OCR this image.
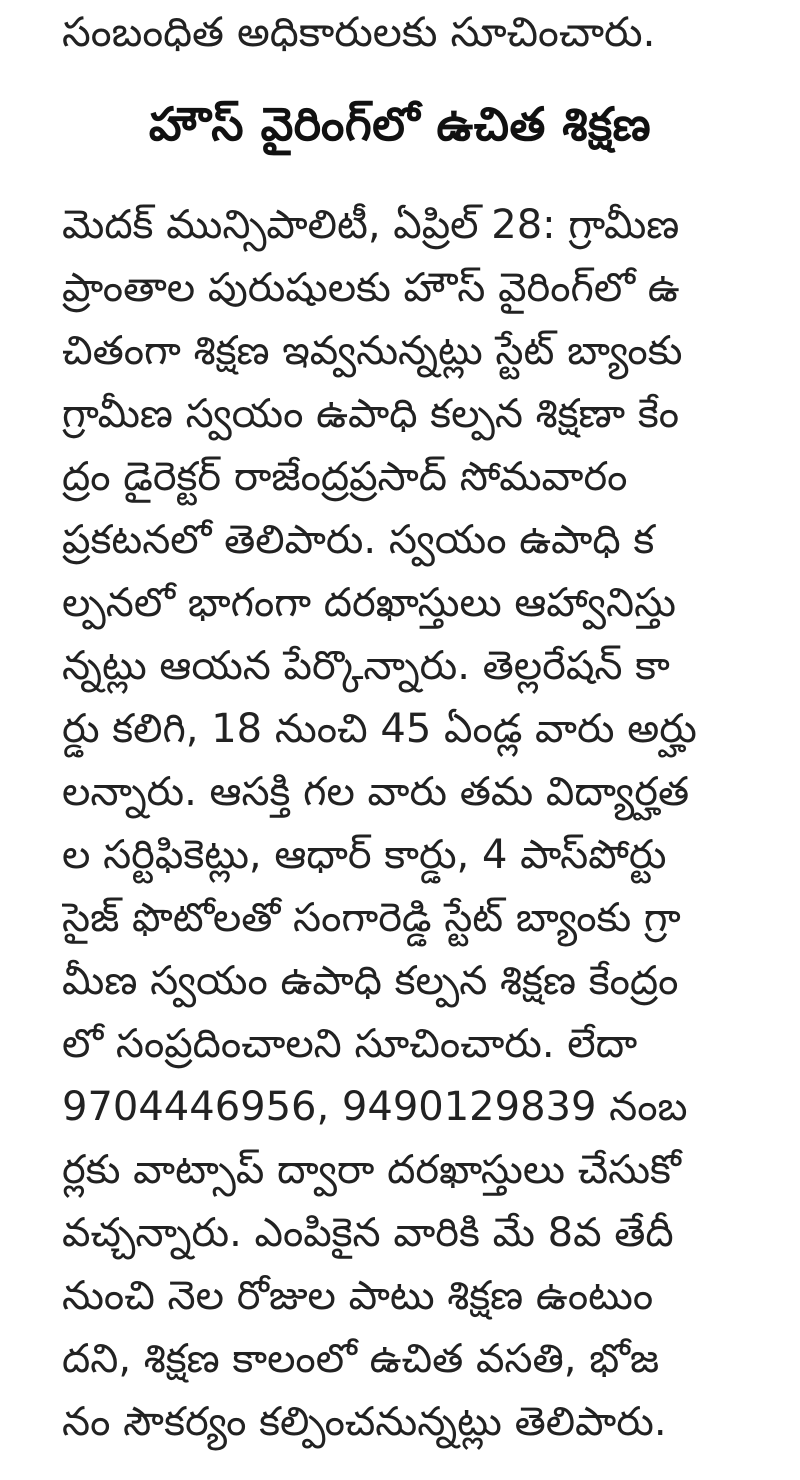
సంబంధిత అధికారులకు సూచించారు.

హౌస్ వైరింగ్‌లో ఉచిత శిక్షణ
మెదక్ మున్సిపాలిటీ, ఏప్రిల్ 28: గ్రామీణ
ప్రాంతాల పురుషులకు హౌస్ వైరింగ్‌లో ఉ
చితంగా శిక్షణ ఇవ్వనున్నట్లు స్టేట్ బ్యాంకు
గ్రామీణ స్వయం ఉపాధి కల్పన శిక్షణా కేం
ద్రం డైరెక్టర్ రాజేంద్రప్రసాద్ సోమవారం
ప్రకటనలో తెలిపారు. స్వయం ఉపాధి క
ల్పనలో భాగంగా దరఖాస్తులు ఆహ్వానిస్తు
న్నట్లు ఆయన పేర్కొన్నారు. తెల్లరేషన్ కా
ర్డు కలిగి, 18 నుంచి 45 ఏండ్ల వారు అర్హు
లన్నారు. ఆసక్తి గల వారు తమ విద్యార్హత
ల సర్టిఫికెట్లు, ఆధార్ కార్డు, 4 పాస్‌పోర్టు
సైజ్ ఫొటోలతో సంగారెడ్డి స్టేట్ బ్యాంకు గ్రా
మీణ స్వయం ఉపాధి కల్పన శిక్షణ కేంద్రం
లో సంప్రదించాలని సూచించారు. లేదా
9704446956, 9490129839 నంబ
ర్లకు వాట్సాప్ ద్వారా దరఖాస్తులు చేసుకో
వచ్చన్నారు. ఎంపికైన వారికి మే 8వ తేదీ
నుంచి నెల రోజుల పాటు శిక్షణ ఉంటుం
దని, శిక్షణ కాలంలో ఉచిత వసతి, భోజ
నం సౌకర్యం కల్పించనున్నట్లు తెలిపారు.
